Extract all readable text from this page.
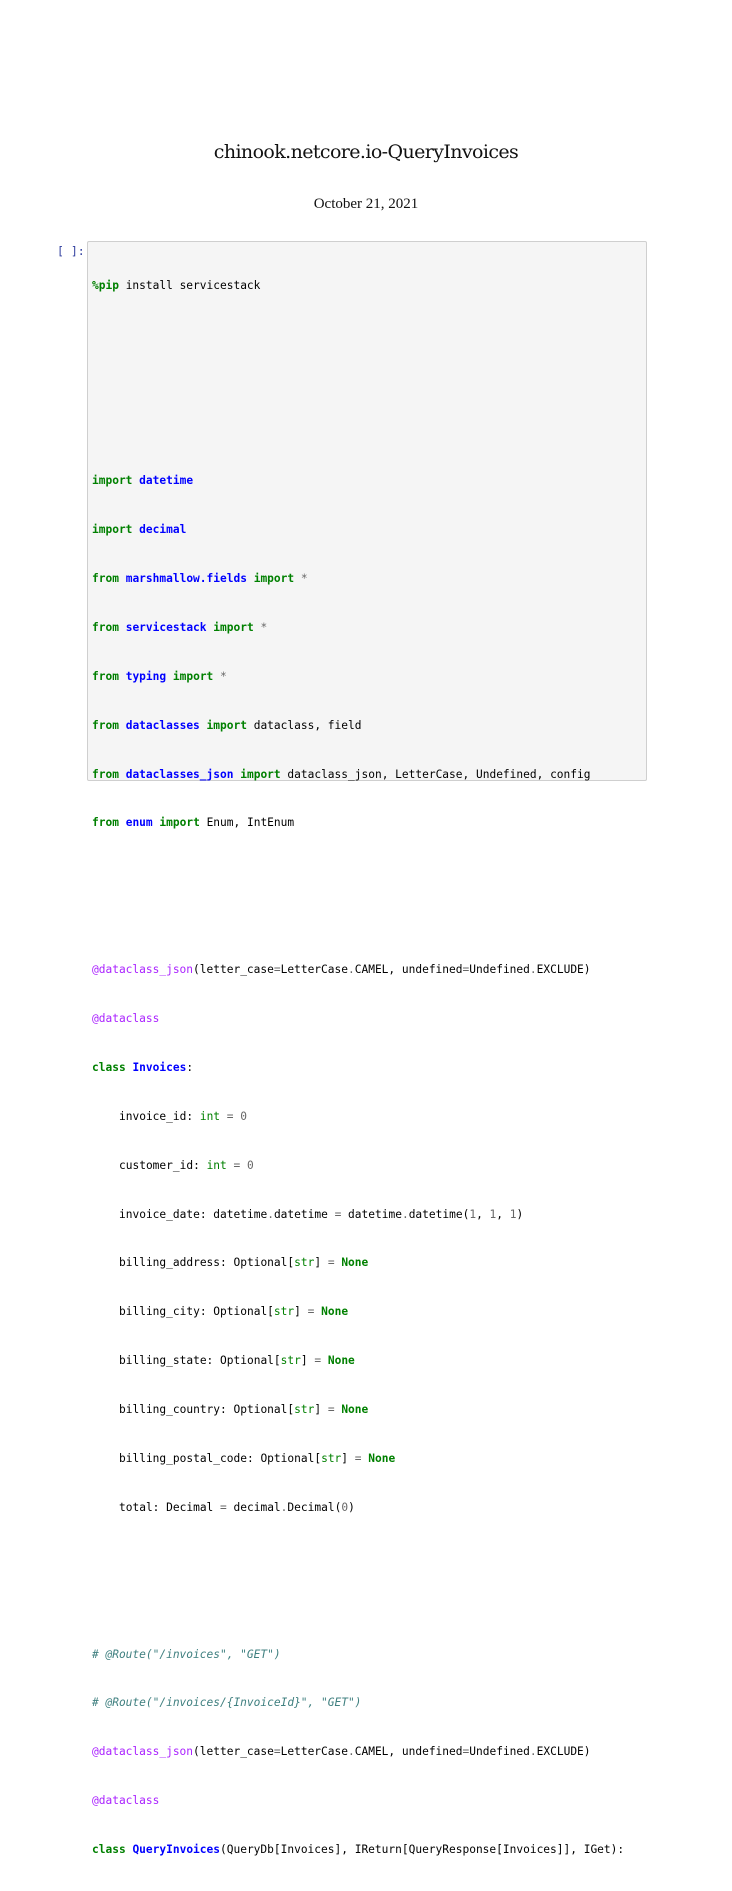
chinook.netcore.io-QueryInvoices
October 21, 2021
[ ]:

%pip install servicestack

import datetime

import decimal

from marshmallow.fields import *

from servicestack import *

from typing import *

from dataclasses import dataclass, field

from dataclasses_json import dataclass_json, LetterCase, Undefined, config

from enum import Enum, IntEnum

@dataclass_json(letter_case=LetterCase.CAMEL, undefined=Undefined.EXCLUDE)

@dataclass

class Invoices:

invoice_id: int = 0

customer_id: int = 0

invoice_date: datetime.datetime = datetime.datetime(1, 1, 1)

billing_address: Optional[str] = None

billing_city: Optional[str] = None

billing_state: Optional[str] = None

billing_country: Optional[str] = None

billing_postal_code: Optional[str] = None

total: Decimal = decimal.Decimal(0)

# @Route("/invoices", "GET")

# @Route("/invoices/{InvoiceId}", "GET")

@dataclass_json(letter_case=LetterCase.CAMEL, undefined=Undefined.EXCLUDE)

@dataclass

class QueryInvoices(QueryDb[Invoices], IReturn[QueryResponse[Invoices]], IGet):
